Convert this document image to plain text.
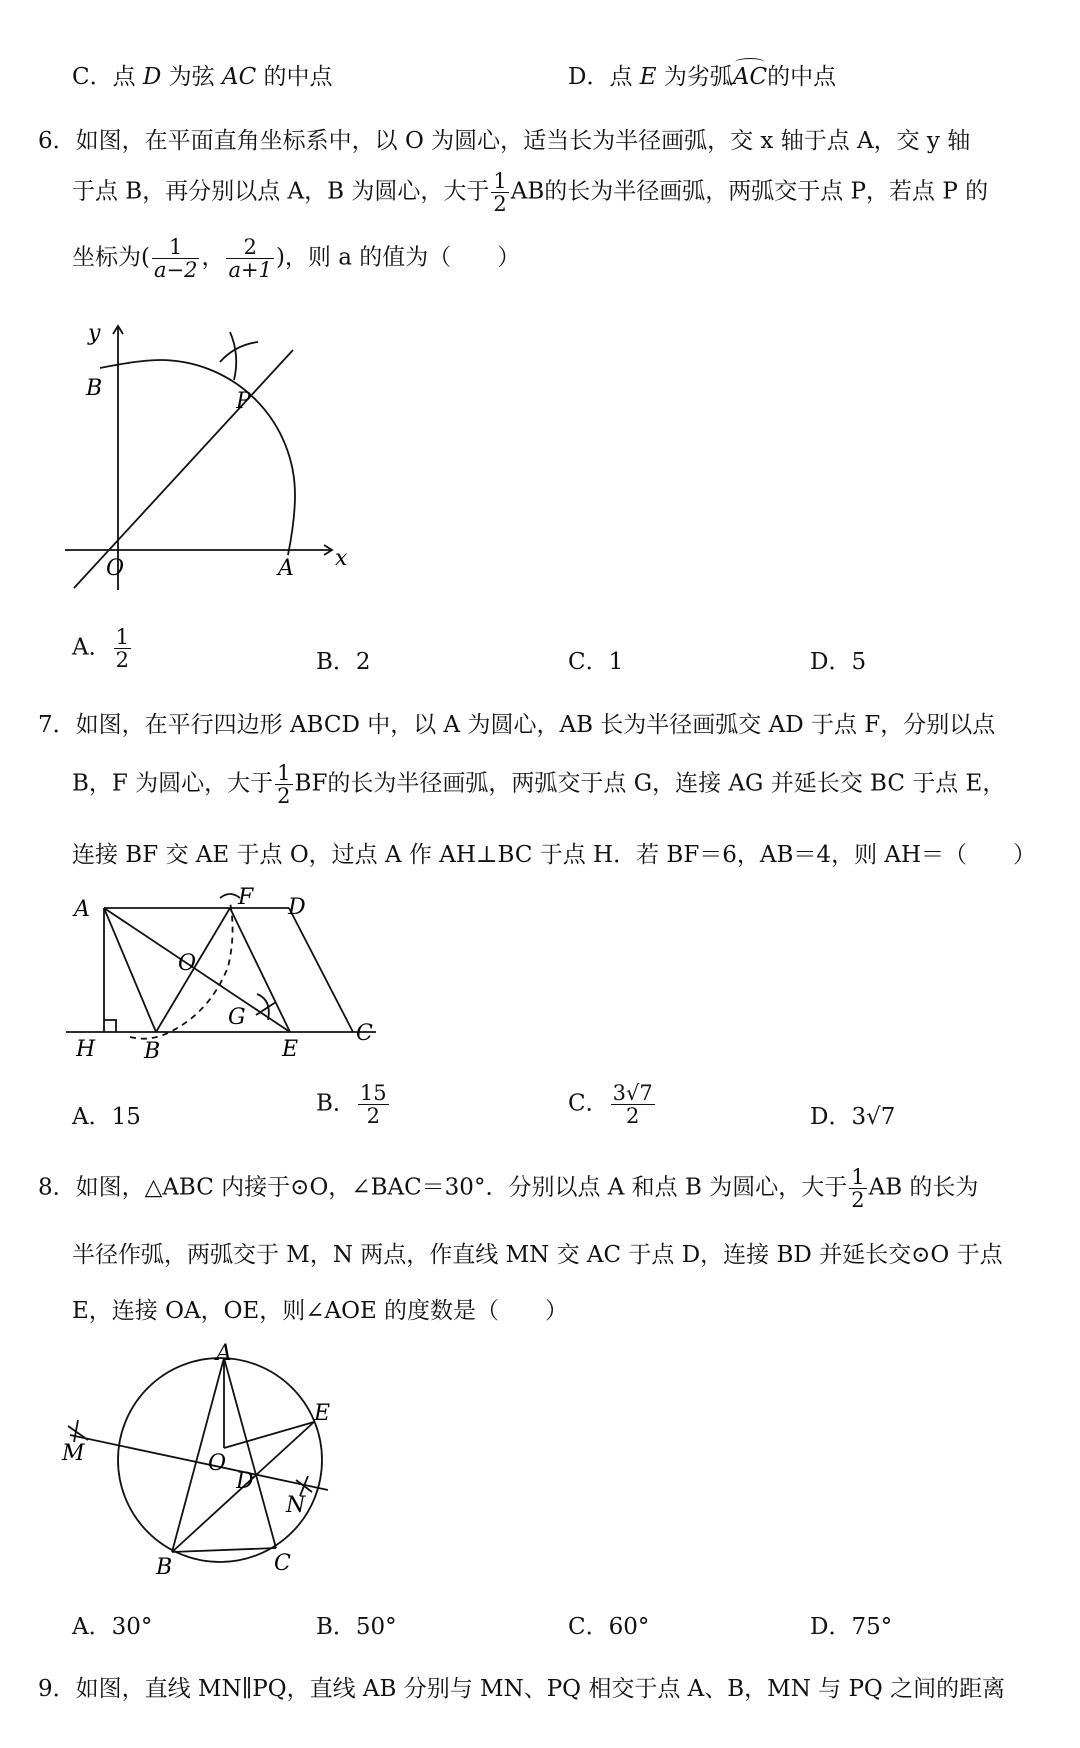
C．点 D 为弦 AC 的中点	D．点 E 为劣弧
AC的中点
6．如图，在平面直角坐标系中，以 O 为圆心，适当长为半径画弧，交 x 轴于点 A，交 y 轴
于点 B，再分别以点 A，B 为圆心，大于 $\frac{1}{2}$ AB的长为半径画弧，两弧交于点 P，若点 P 的
坐标为( $\frac{1}{a-2}$ ， $\frac{2}{a+1}$ )，则 a 的值为（　　）
y
x
O	A
B
P
A． $\frac{1}{2}$	B．2	C．1	D．5
7．如图，在平行四边形 ABCD 中，以 A 为圆心，AB 长为半径画弧交 AD 于点 F，分别以点
B，F 为圆心，大于 $\frac{1}{2}$ BF的长为半径画弧，两弧交于点 G，连接 AG 并延长交 BC 于点 E，
连接 BF 交 AE 于点 O，过点 A 作 AH⊥BC 于点 H．若 BF＝6，AB＝4，则 AH＝（　　）
A	F D
O
G
H B	E
C
A．15
B． $\frac{15}{2}$	C． $\frac{3√7}{2}$	D．3√7
8．如图，△ABC 内接于⊙O，∠BAC＝30°．分别以点 A 和点 B 为圆心，大于 $\frac{1}{2}$ AB 的长为
半径作弧，两弧交于 M，N 两点，作直线 MN 交 AC 于点 D，连接 BD 并延长交⊙O 于点
E，连接 OA，OE，则∠AOE 的度数是（　　）
A
E
M	O
D
N
B	C
A．30°	B．50°	C．60°	D．75°
9．如图，直线 MN∥PQ，直线 AB 分别与 MN、PQ 相交于点 A、B，MN 与 PQ 之间的距离
